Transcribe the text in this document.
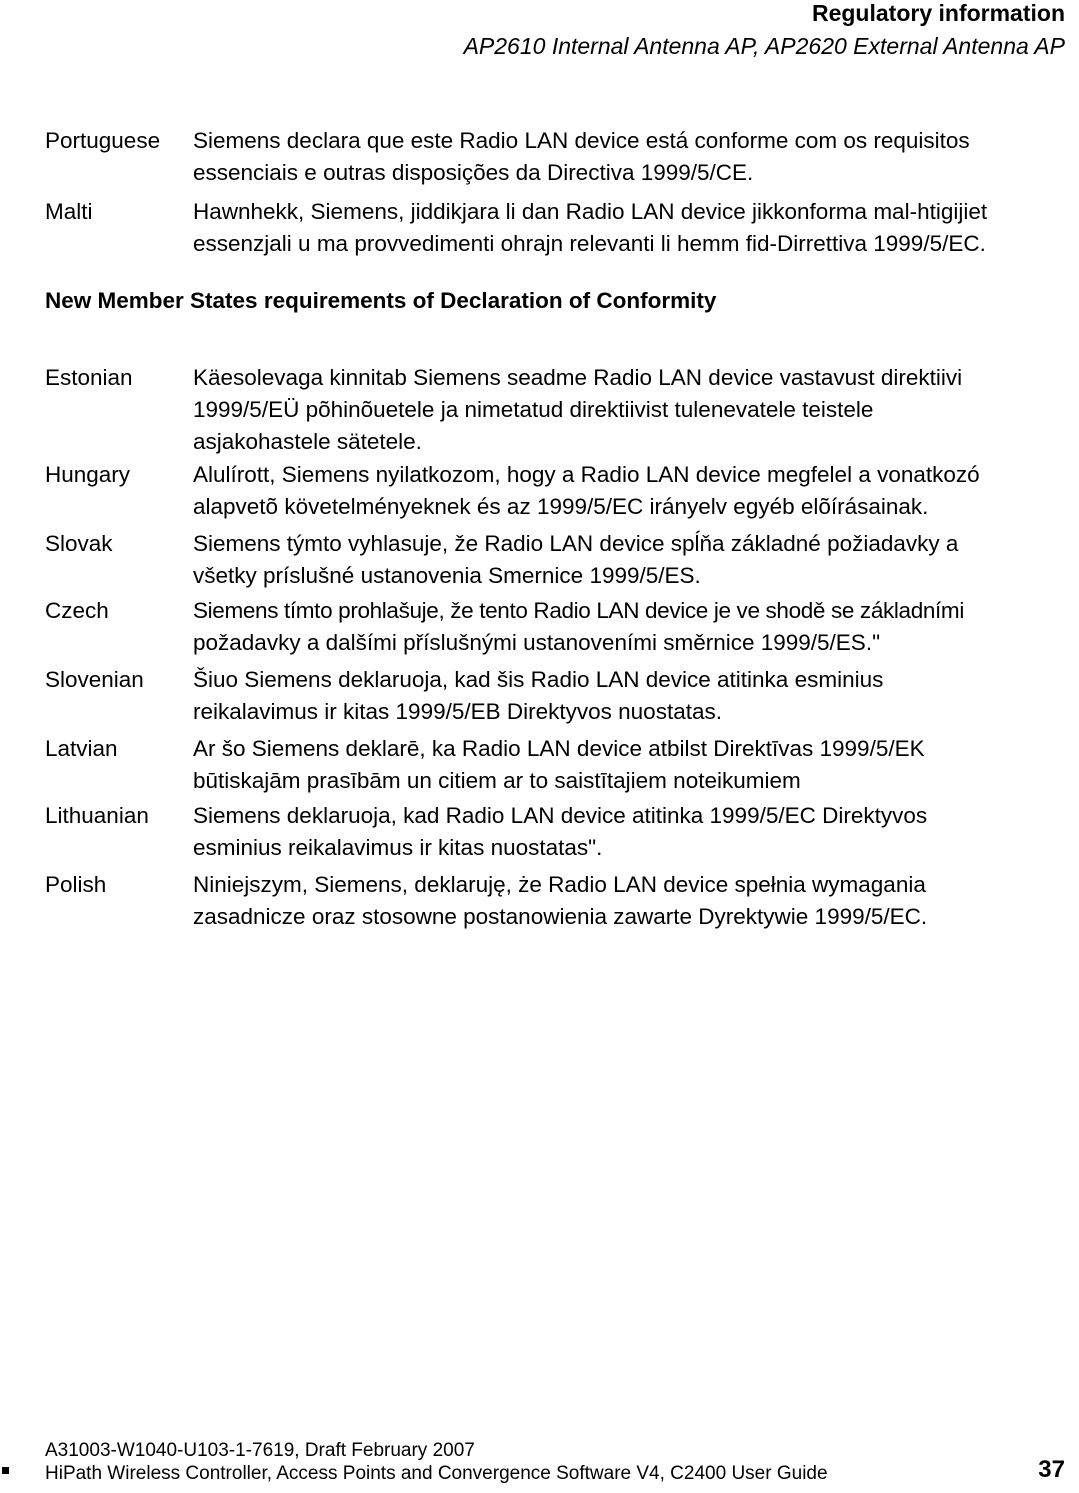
Regulatory information
AP2610 Internal Antenna AP, AP2620 External Antenna AP
Portuguese Siemens declara que este Radio LAN device está conforme com os requisitos
essenciais e outras disposições da Directiva 1999/5/CE.
Malti	Hawnhekk, Siemens, jiddikjara li dan Radio LAN device jikkonforma mal-htigijiet
essenzjali u ma provvedimenti ohrajn relevanti li hemm fid-Dirrettiva 1999/5/EC.
New Member States requirements of Declaration of Conformity
Estonian	Käesolevaga kinnitab Siemens seadme Radio LAN device vastavust direktiivi
1999/5/EÜ põhinõuetele ja nimetatud direktiivist tulenevatele teistele
asjakohastele sätetele.
Hungary	Alulírott, Siemens nyilatkozom, hogy a Radio LAN device megfelel a vonatkozó
alapvetõ követelményeknek és az 1999/5/EC irányelv egyéb elõírásainak.
Slovak	Siemens týmto vyhlasuje, že Radio LAN device spĺňa základné požiadavky a
všetky príslušné ustanovenia Smernice 1999/5/ES.
Czech	Siemens tímto prohlašuje, že tento Radio LAN device je ve shodě se základními
požadavky a dalšími příslušnými ustanoveními směrnice 1999/5/ES."
Slovenian Šiuo Siemens deklaruoja, kad šis Radio LAN device atitinka esminius
reikalavimus ir kitas 1999/5/EB Direktyvos nuostatas.
Latvian	Ar šo Siemens deklarē, ka Radio LAN device atbilst Direktīvas 1999/5/EK
būtiskajām prasībām un citiem ar to saistītajiem noteikumiem
Lithuanian Siemens deklaruoja, kad Radio LAN device atitinka 1999/5/EC Direktyvos
esminius reikalavimus ir kitas nuostatas".
Polish	Niniejszym, Siemens, deklaruję, że Radio LAN device spełnia wymagania
zasadnicze oraz stosowne postanowienia zawarte Dyrektywie 1999/5/EC.
A31003-W1040-U103-1-7619, Draft February 2007
HiPath Wireless Controller, Access Points and Convergence Software V4, C2400 User Guide	37
